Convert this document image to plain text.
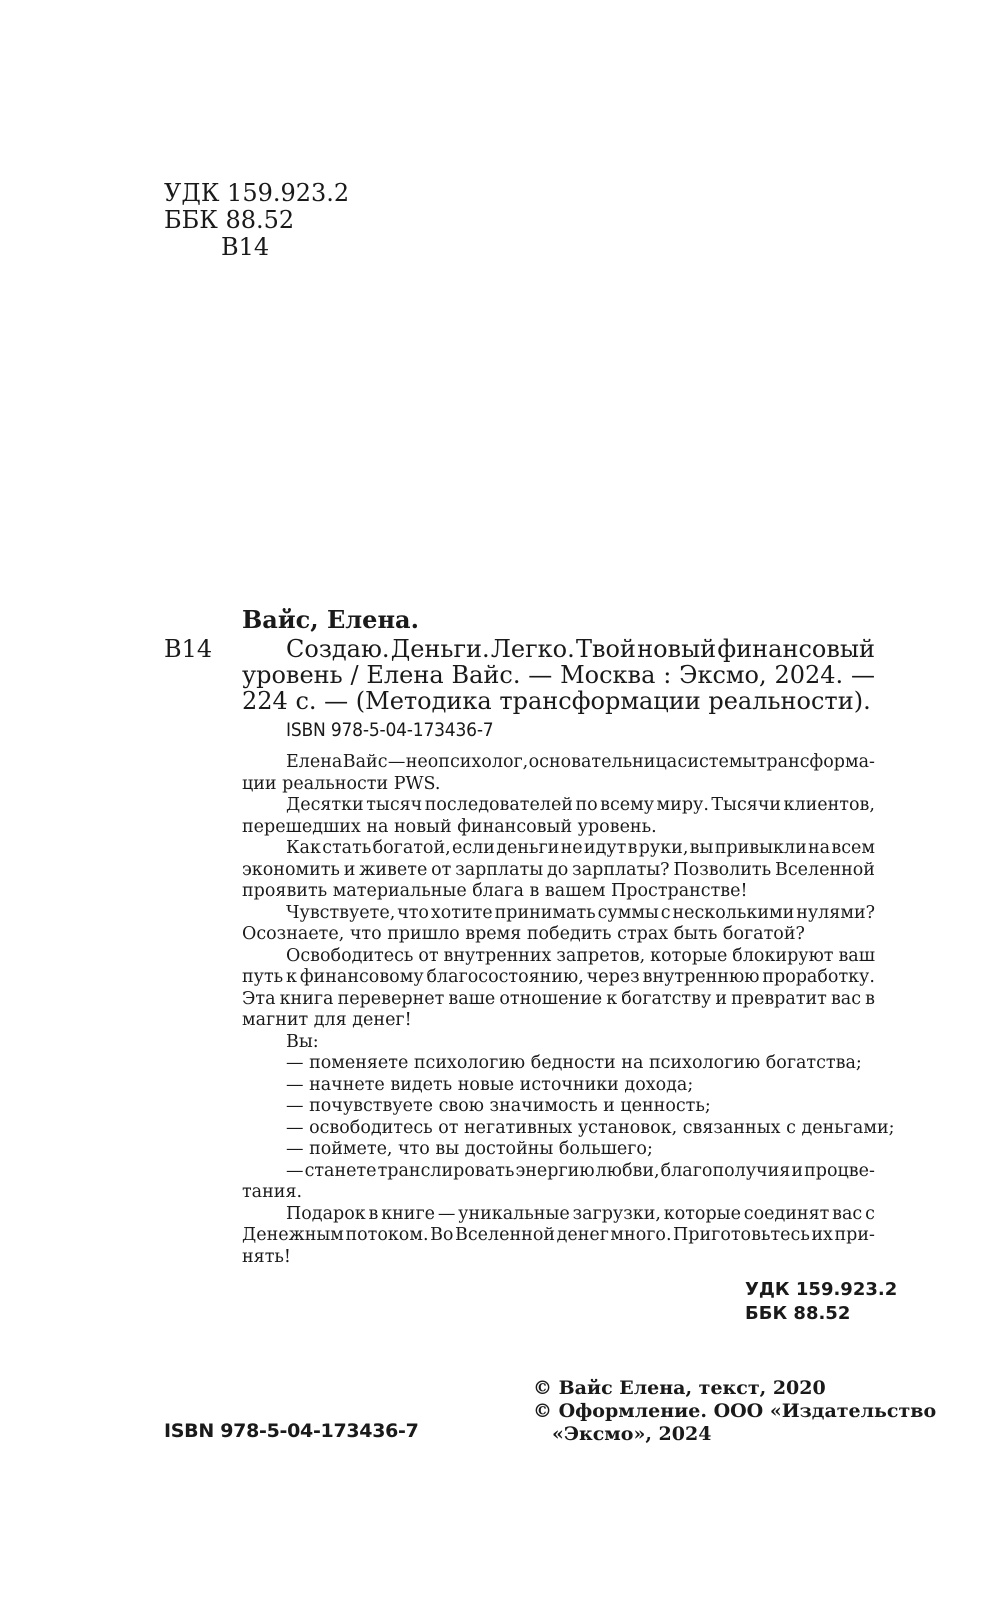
УДК 159.923.2
ББК 88.52
В14
Вайс, Елена.
В14	Создаю. Деньги. Легко. Твой новый финансовый
уровень / Елена Вайс. — Москва : Эксмо, 2024. —
224 с. — (Методика трансформации реальности).
ISBN 978-5-04-173436-7
Елена Вайс — неопсихолог, основательница системы трансформа-
ции реальности PWS.
Десятки тысяч последователей по всему миру. Тысячи клиентов,
перешедших на новый финансовый уровень.
Как стать богатой, если деньги не идут в руки, вы привыкли на всем
экономить и живете от зарплаты до зарплаты? Позволить Вселенной
проявить материальные блага в вашем Пространстве!
Чувствуете, что хотите принимать суммы с несколькими нулями?
Осознаете, что пришло время победить страх быть богатой?
Освободитесь от внутренних запретов, которые блокируют ваш
путь к финансовому благосостоянию, через внутреннюю проработку.
Эта книга перевернет ваше отношение к богатству и превратит вас в
магнит для денег!
Вы:
— поменяете психологию бедности на психологию богатства;
— начнете видеть новые источники дохода;
— почувствуете свою значимость и ценность;
— освободитесь от негативных установок, связанных с деньгами;
— поймете, что вы достойны большего;
— станете транслировать энергию любви, благополучия и процве-
тания.
Подарок в книге — уникальные загрузки, которые соединят вас с
Денежным потоком. Во Вселенной денег много. Приготовьтесь их при-
нять!
УДК 159.923.2
ББК 88.52
© Вайс Елена, текст, 2020
© Оформление. ООО «Издательство
«Эксмо», 2024
ISBN 978-5-04-173436-7
